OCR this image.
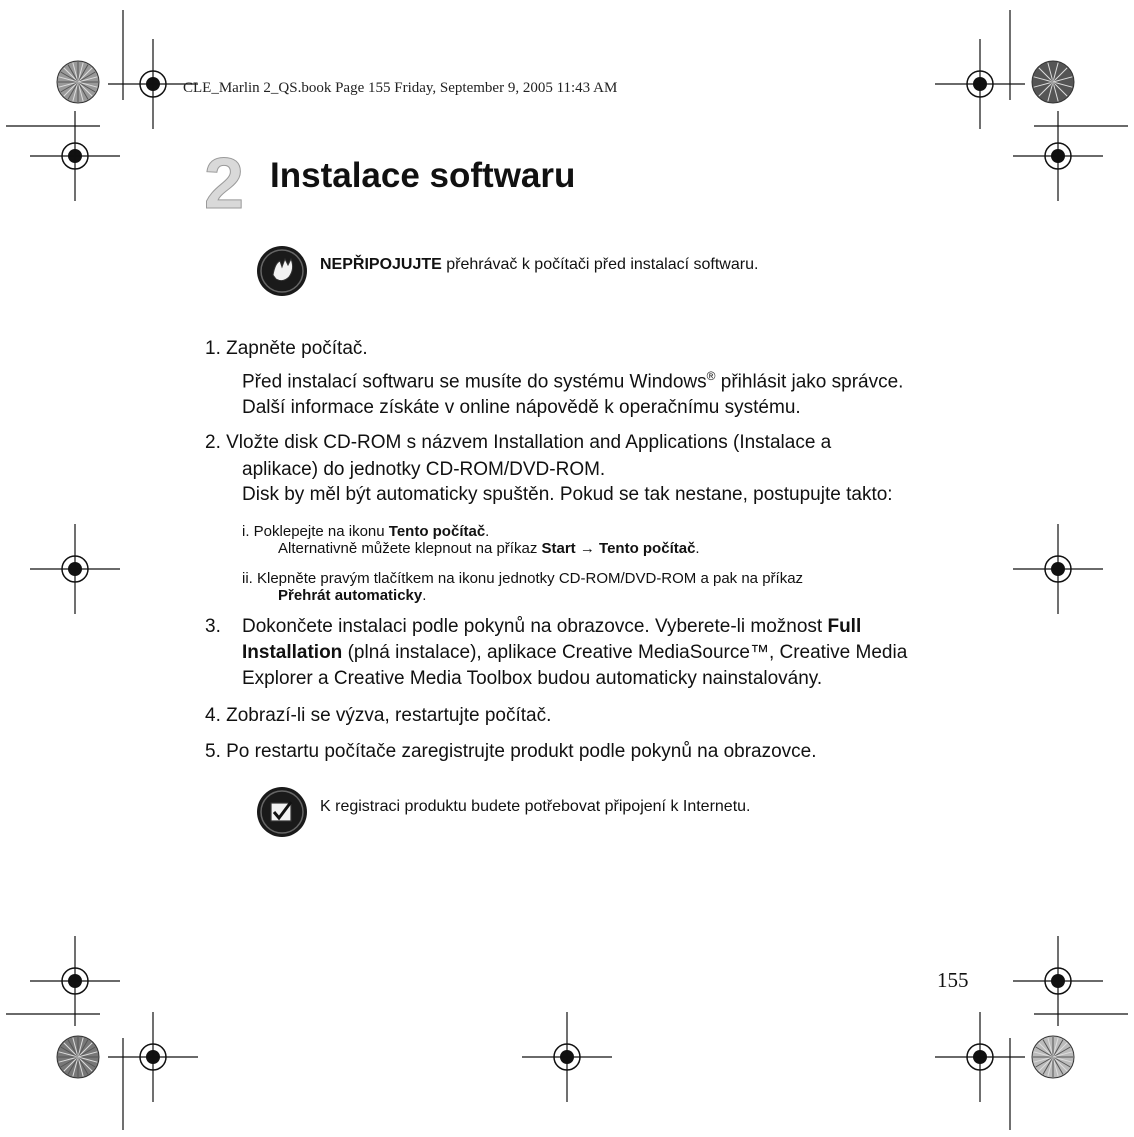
CLE_Marlin 2_QS.book Page 155 Friday, September 9, 2005 11:43 AM
2 Instalace softwaru
NEPŘIPOJUJTE přehrávač k počítači před instalací softwaru.
1. Zapněte počítač.
Před instalací softwaru se musíte do systému Windows® přihlásit jako správce.
Další informace získáte v online nápovědě k operačnímu systému.
2. Vložte disk CD-ROM s názvem Installation and Applications (Instalace a
aplikace) do jednotky CD-ROM/DVD-ROM.
Disk by měl být automaticky spuštěn. Pokud se tak nestane, postupujte takto:
i. Poklepejte na ikonu Tento počítač.
Alternativně můžete klepnout na příkaz Start → Tento počítač.
ii. Klepněte pravým tlačítkem na ikonu jednotky CD-ROM/DVD-ROM a pak na příkaz
Přehrát automaticky.
3. Dokončete instalaci podle pokynů na obrazovce. Vyberete-li možnost Full
Installation (plná instalace), aplikace Creative MediaSource™, Creative Media
Explorer a Creative Media Toolbox budou automaticky nainstalovány.
4. Zobrazí-li se výzva, restartujte počítač.
5. Po restartu počítače zaregistrujte produkt podle pokynů na obrazovce.
K registraci produktu budete potřebovat připojení k Internetu.
155
